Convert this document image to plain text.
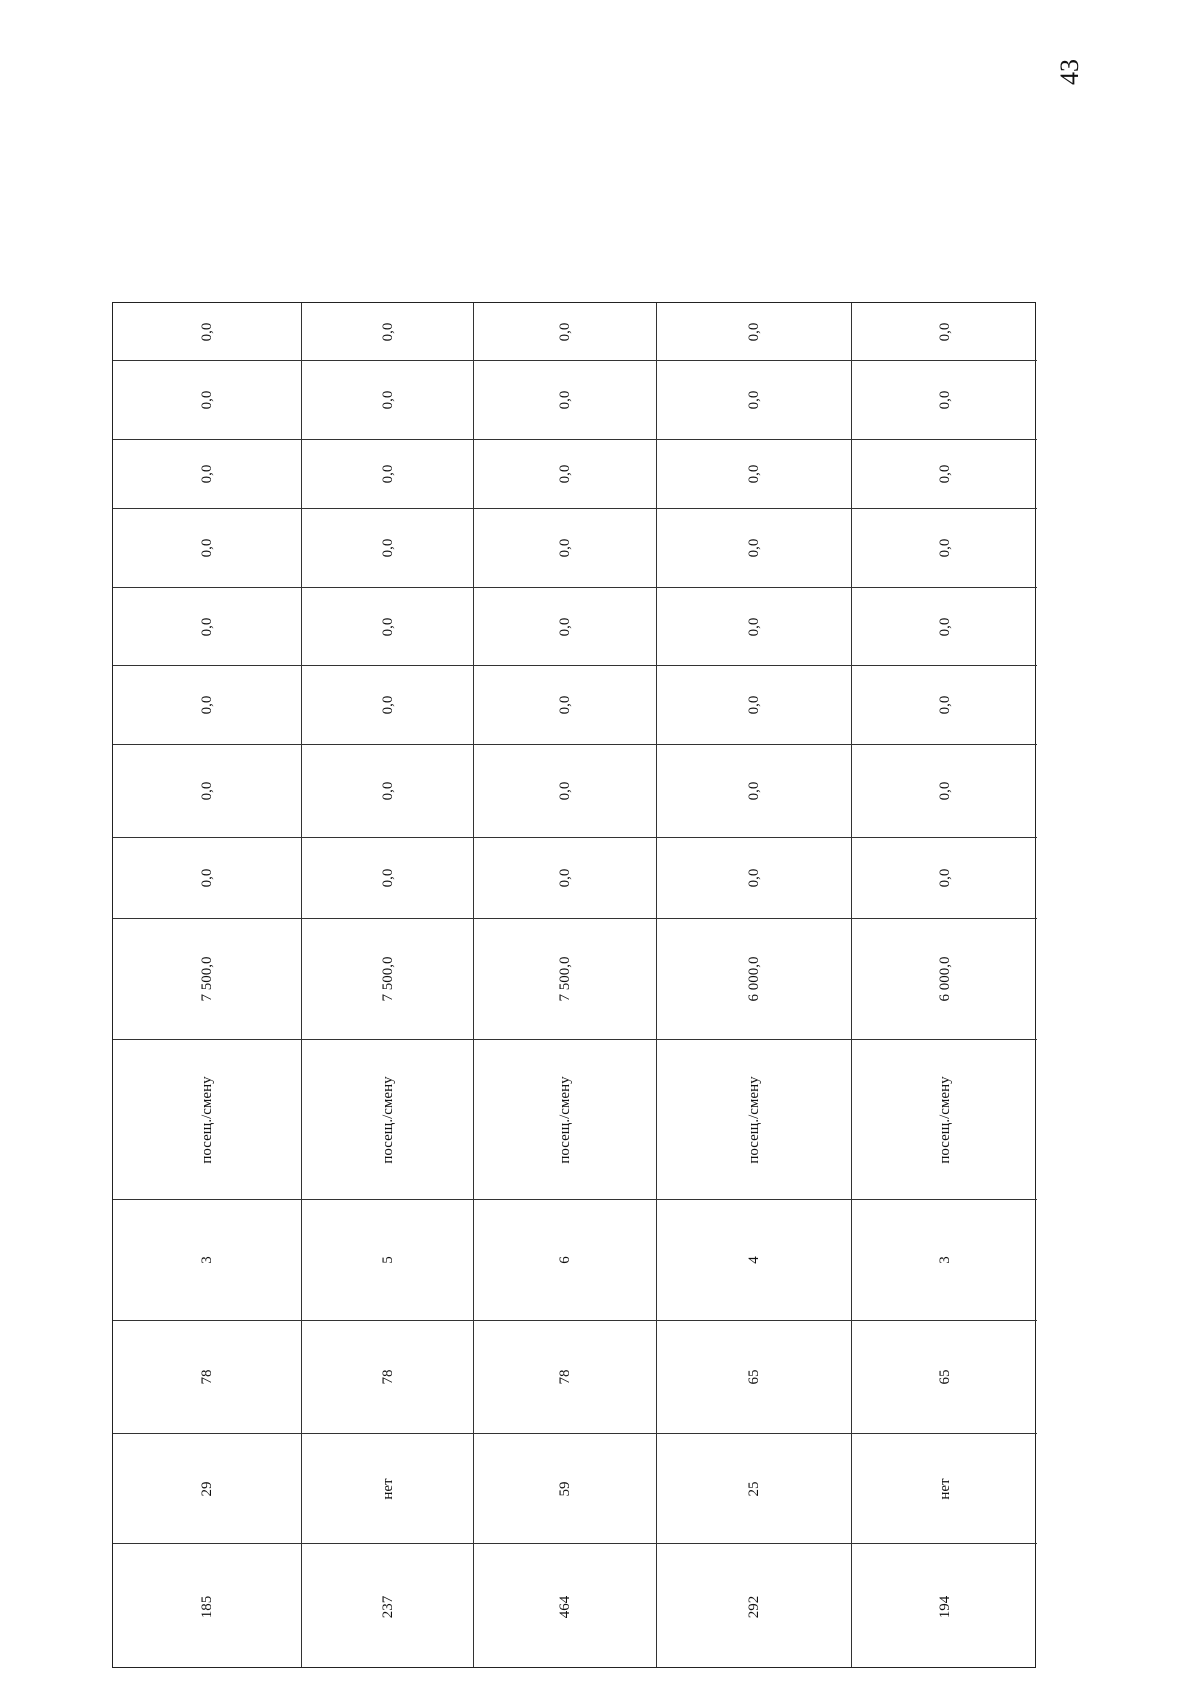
43
0,0
0,0
0,0
0,0
0,0
0,0
0,0
0,0
7 500,0
посещ./смену
3
78
29
185
0,0
0,0
0,0
0,0
0,0
0,0
0,0
0,0
7 500,0
посещ./смену
5
78
нет
237
0,0
0,0
0,0
0,0
0,0
0,0
0,0
0,0
7 500,0
посещ./смену
6
78
59
464
0,0
0,0
0,0
0,0
0,0
0,0
0,0
0,0
6 000,0
посещ./смену
4
65
25
292
0,0
0,0
0,0
0,0
0,0
0,0
0,0
0,0
6 000,0
посещ./смену
3
65
нет
194
